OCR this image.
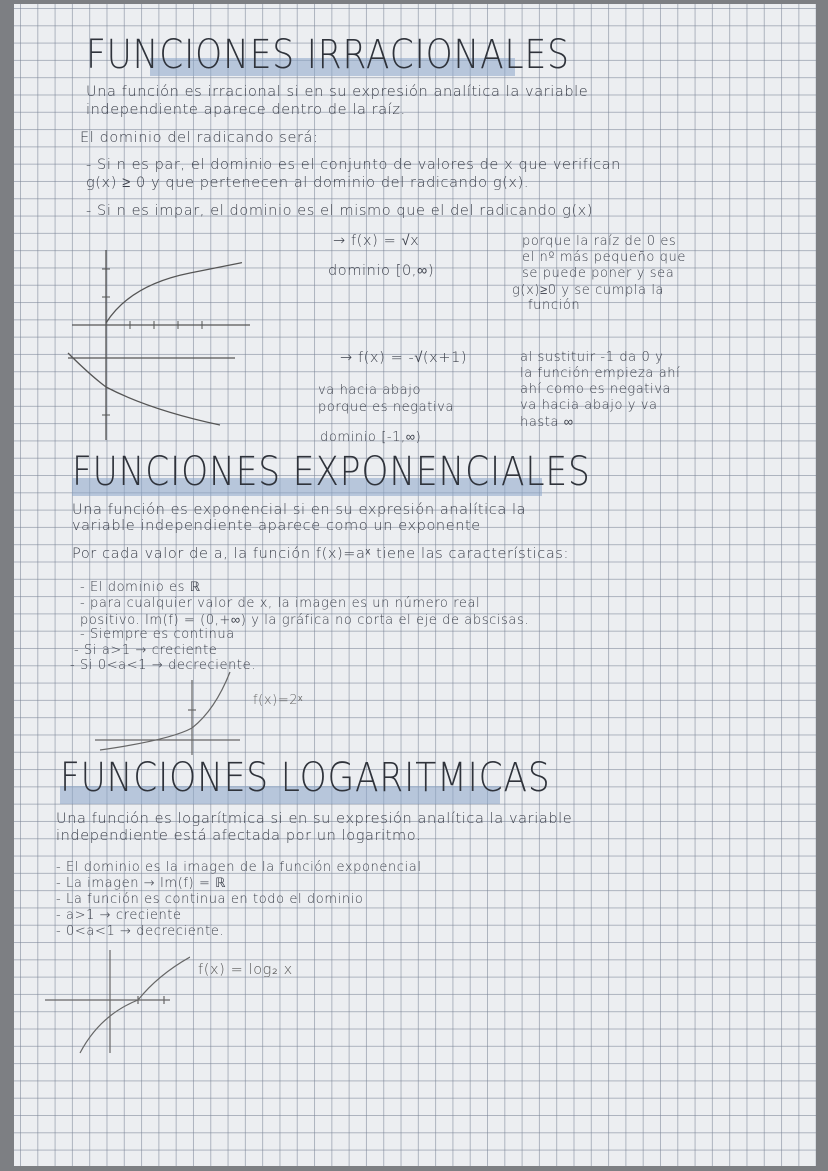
FUNCIONES IRRACIONALES
Una función es irracional si en su expresión analítica la variable
independiente aparece dentro de la raíz.
El dominio del radicando será:
- Si n es par, el dominio es el conjunto de valores de x que verifican
g(x) ≥ 0 y que pertenecen al dominio del radicando g(x).
- Si n es impar, el dominio es el mismo que el del radicando g(x)
→ f(x) = √x
dominio [0,∞)
porque la raíz de 0 es
el nº más pequeño que
se puede poner y sea
g(x)≥0 y se cumpla la
función
→ f(x) = -√(x+1)
va hacia abajo
porque es negativa
dominio [-1,∞)
al sustituir -1 da 0 y
la función empieza ahí
ahí como es negativa
va hacia abajo y va
hasta ∞
FUNCIONES EXPONENCIALES
Una función es exponencial si en su expresión analítica la
variable independiente aparece como un exponente
Por cada valor de a, la función f(x)=aˣ tiene las características:
- El dominio es ℝ
- para cualquier valor de x, la imagen es un número real
positivo. Im(f) = (0,+∞) y la gráfica no corta el eje de abscisas.
- Siempre es continua
- Si a>1 → creciente
- Si 0<a<1 → decreciente.
f(x)=2ˣ
FUNCIONES LOGARITMICAS
Una función es logarítmica si en su expresión analítica la variable
independiente está afectada por un logaritmo.
- El dominio es la imagen de la función exponencial
- La imagen → Im(f) = ℝ
- La función es continua en todo el dominio
- a>1 → creciente
- 0<a<1 → decreciente.
f(x) = log₂ x
